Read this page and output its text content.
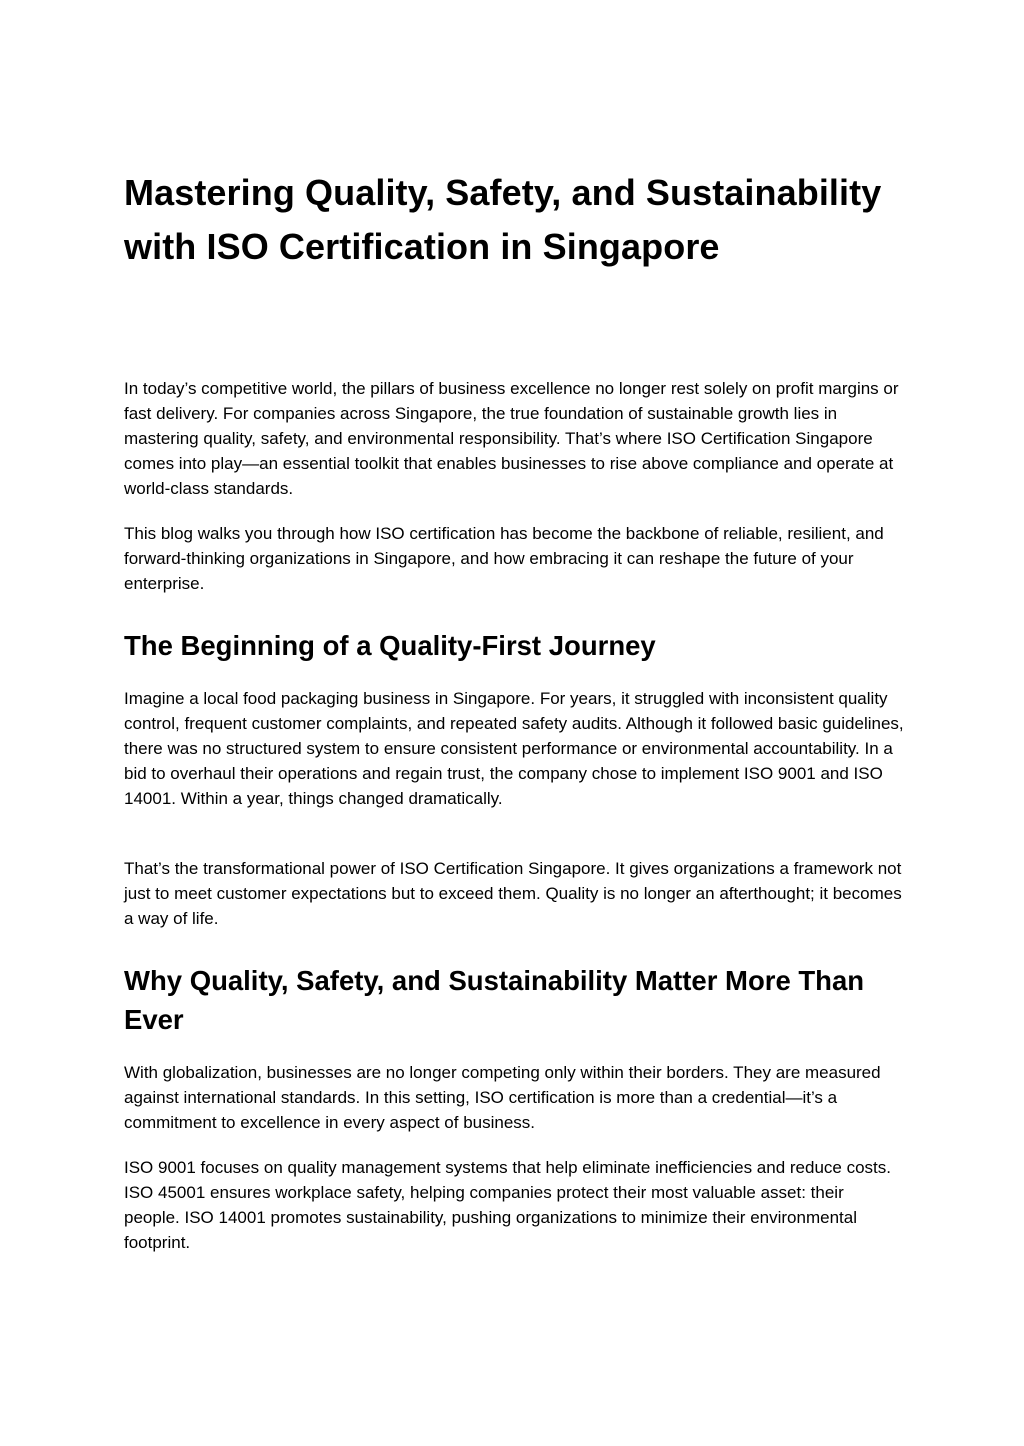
Mastering Quality, Safety, and Sustainability with ISO Certification in Singapore

In today’s competitive world, the pillars of business excellence no longer rest solely on profit margins or fast delivery. For companies across Singapore, the true foundation of sustainable growth lies in mastering quality, safety, and environmental responsibility. That’s where ISO Certification Singapore comes into play—an essential toolkit that enables businesses to rise above compliance and operate at world-class standards.

This blog walks you through how ISO certification has become the backbone of reliable, resilient, and forward-thinking organizations in Singapore, and how embracing it can reshape the future of your enterprise.

The Beginning of a Quality-First Journey

Imagine a local food packaging business in Singapore. For years, it struggled with inconsistent quality control, frequent customer complaints, and repeated safety audits. Although it followed basic guidelines, there was no structured system to ensure consistent performance or environmental accountability. In a bid to overhaul their operations and regain trust, the company chose to implement ISO 9001 and ISO 14001. Within a year, things changed dramatically.

That’s the transformational power of ISO Certification Singapore. It gives organizations a framework not just to meet customer expectations but to exceed them. Quality is no longer an afterthought; it becomes a way of life.

Why Quality, Safety, and Sustainability Matter More Than Ever

With globalization, businesses are no longer competing only within their borders. They are measured against international standards. In this setting, ISO certification is more than a credential—it’s a commitment to excellence in every aspect of business.

ISO 9001 focuses on quality management systems that help eliminate inefficiencies and reduce costs. ISO 45001 ensures workplace safety, helping companies protect their most valuable asset: their people. ISO 14001 promotes sustainability, pushing organizations to minimize their environmental footprint.
